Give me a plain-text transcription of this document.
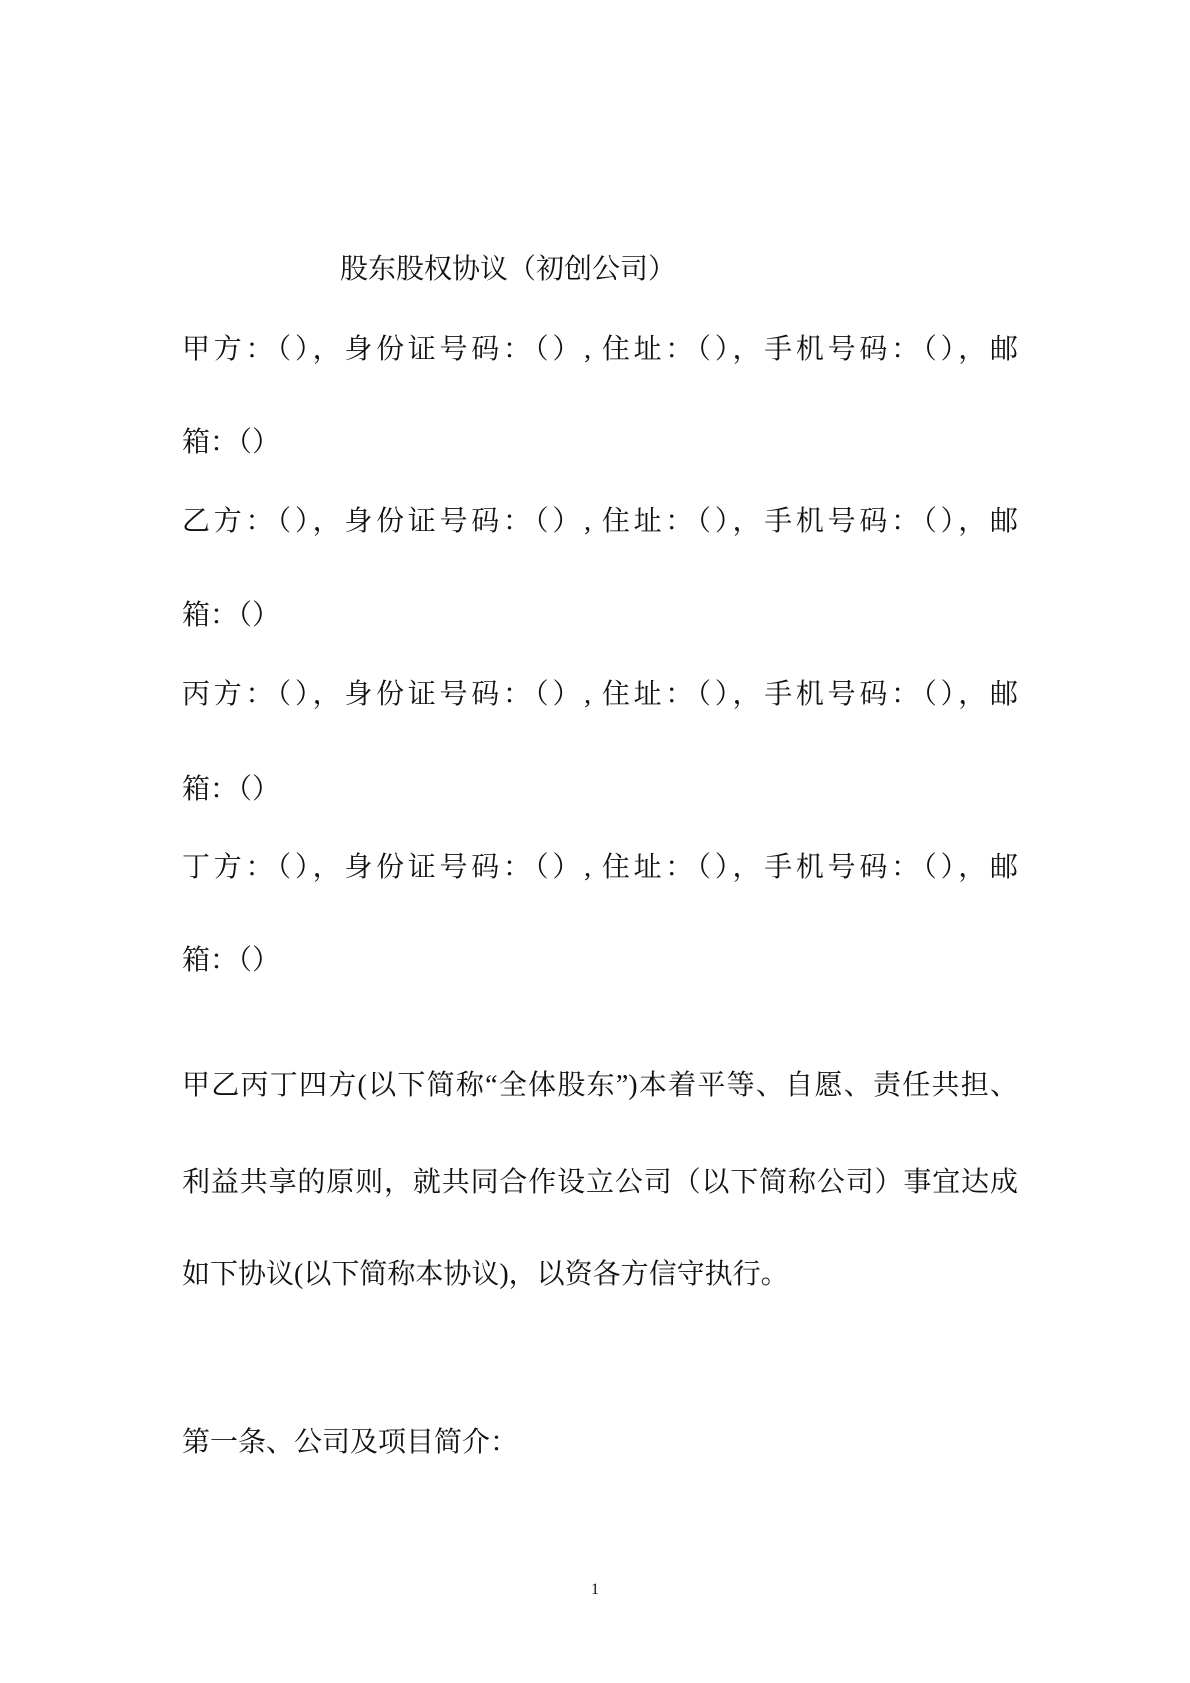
股东股权协议（初创公司）
甲方：（），身份证号码：（）, 住址：（），手机号码：（），邮
箱：（）
乙方：（），身份证号码：（）, 住址：（），手机号码：（），邮
箱：（）
丙方：（），身份证号码：（）, 住址：（），手机号码：（），邮
箱：（）
丁方：（），身份证号码：（）, 住址：（），手机号码：（），邮
箱：（）
甲乙丙丁四方(以下简称“全体股东”)本着平等、自愿、责任共担、
利益共享的原则，就共同合作设立公司（以下简称公司）事宜达成
如下协议(以下简称本协议)，以资各方信守执行。
第一条、公司及项目简介：
1
